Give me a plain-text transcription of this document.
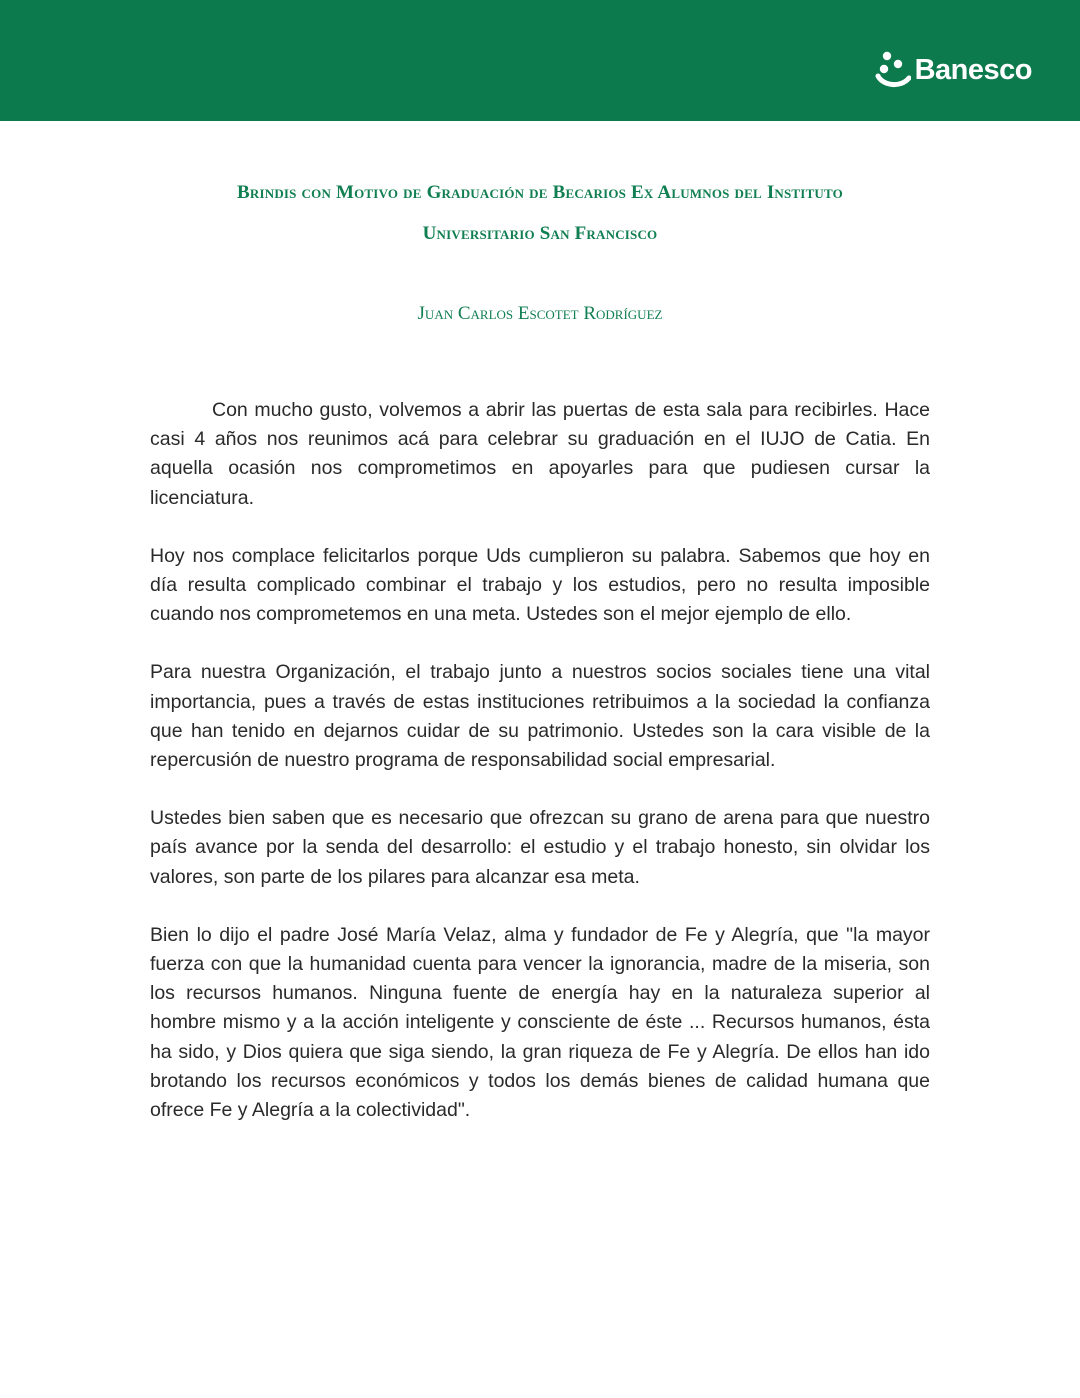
Banesco

Brindis con Motivo de Graduación de Becarios Ex Alumnos del Instituto

Universitario San Francisco

Juan Carlos Escotet Rodríguez

Con mucho gusto, volvemos a abrir las puertas de esta sala para recibirles. Hace casi 4 años nos reunimos acá para celebrar su graduación en el IUJO de Catia. En aquella ocasión nos comprometimos en apoyarles para que pudiesen cursar la licenciatura.

Hoy nos complace felicitarlos porque Uds cumplieron su palabra. Sabemos que hoy en día resulta complicado combinar el trabajo y los estudios, pero no resulta imposible cuando nos comprometemos en una meta. Ustedes son el mejor ejemplo de ello.

Para nuestra Organización, el trabajo junto a nuestros socios sociales tiene una vital importancia, pues a través de estas instituciones retribuimos a la sociedad la confianza que han tenido en dejarnos cuidar de su patrimonio. Ustedes son la cara visible de la repercusión de nuestro programa de responsabilidad social empresarial.

Ustedes bien saben que es necesario que ofrezcan su grano de arena para que nuestro país avance por la senda del desarrollo: el estudio y el trabajo honesto, sin olvidar los valores, son parte de los pilares para alcanzar esa meta.

Bien lo dijo el padre José María Velaz, alma y fundador de Fe y Alegría, que "la mayor fuerza con que la humanidad cuenta para vencer la ignorancia, madre de la miseria, son los recursos humanos. Ninguna fuente de energía hay en la naturaleza superior al hombre mismo y a la acción inteligente y consciente de éste ... Recursos humanos, ésta ha sido, y Dios quiera que siga siendo, la gran riqueza de Fe y Alegría. De ellos han ido brotando los recursos económicos y todos los demás bienes de calidad humana que ofrece Fe y Alegría a la colectividad".
